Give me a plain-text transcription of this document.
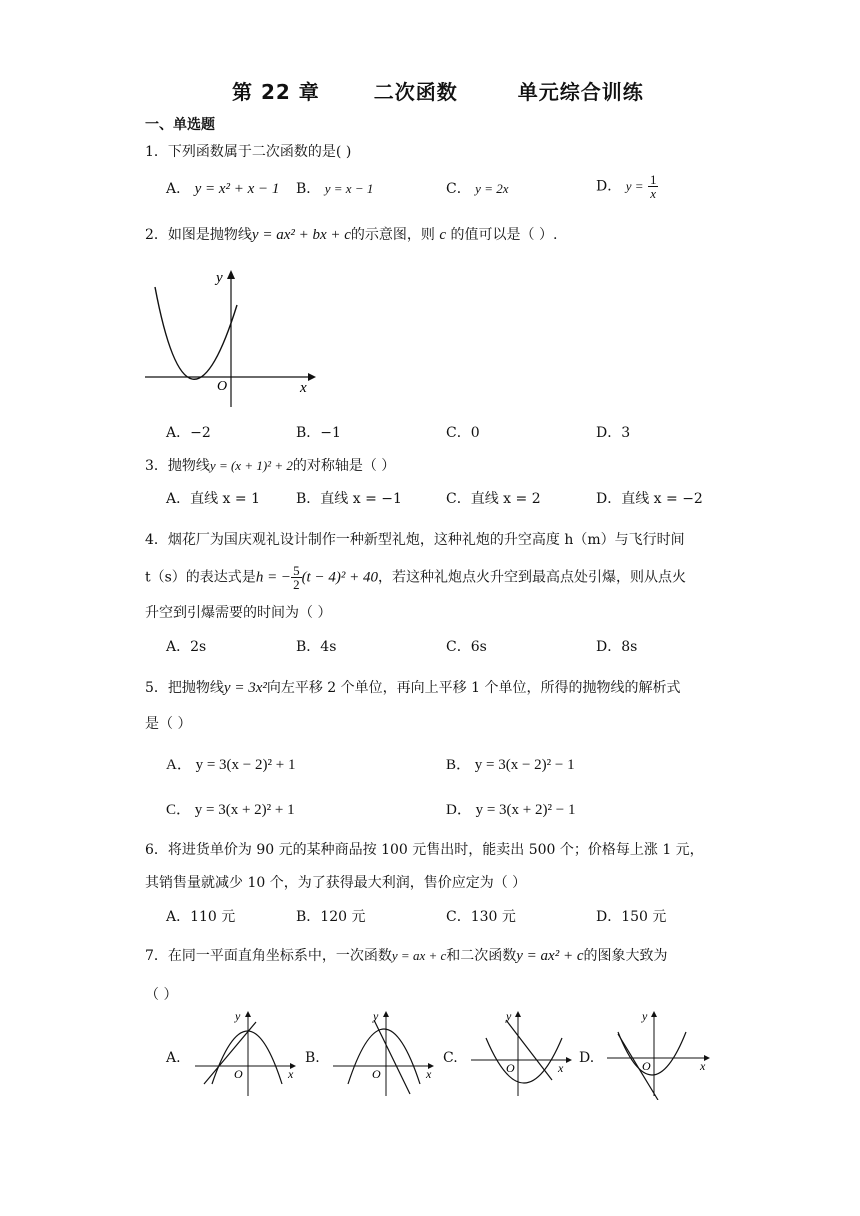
第 22 章	二次函数	单元综合训练
一、单选题
1．下列函数属于二次函数的是( )
A． y = x² + x − 1 B． y = x − 1	C． y = 2x	D． $y = \frac{1}{x}$
2．如图是抛物线y = ax² + bx + c的示意图，则 c 的值可以是（ ）.
y
x
O
A．−2	B．−1	C．0	D．3
3．抛物线y = (x + 1)² + 2的对称轴是（ ）
A．直线 x = 1	B．直线 x = −1	C．直线 x = 2	D．直线 x = −2
4．烟花厂为国庆观礼设计制作一种新型礼炮，这种礼炮的升空高度 h（m）与飞行时间
t（s）的表达式是h = − $\frac{5}{2} (t - 4)^2 + 40$，若这种礼炮点火升空到最高点处引爆，则从点火
升空到引爆需要的时间为（ ）
A．2s	B．4s	C．6s	D．8s
5．把抛物线y = 3x²向左平移 2 个单位，再向上平移 1 个单位，所得的抛物线的解析式
是（ ）
A． y = 3(x − 2)² + 1	B． y = 3(x − 2)² − 1
C． y = 3(x + 2)² + 1	D． y = 3(x + 2)² − 1
6．将进货单价为 90 元的某种商品按 100 元售出时，能卖出 500 个；价格每上涨 1 元，
其销售量就减少 10 个，为了获得最大利润，售价应定为（ ）
A．110 元	B．120 元	C．130 元	D．150 元
7．在同一平面直角坐标系中，一次函数y = ax + c和二次函数y = ax² + c的图象大致为
（ ）
A.
y
x
O
B.
y
x
O
C.
y
x
O
D.
y
x
O
